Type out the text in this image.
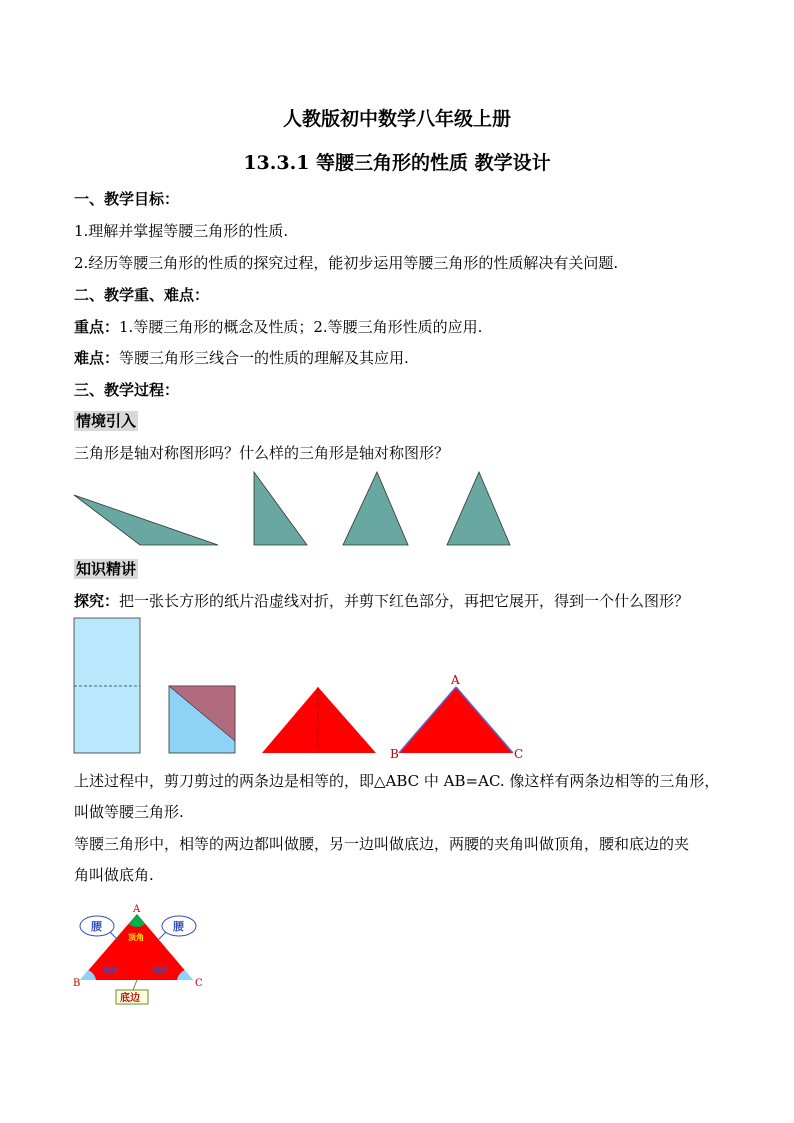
人教版初中数学八年级上册
13.3.1 等腰三角形的性质 教学设计
一、教学目标：
1.理解并掌握等腰三角形的性质.
2.经历等腰三角形的性质的探究过程，能初步运用等腰三角形的性质解决有关问题.
二、教学重、难点：
重点：1.等腰三角形的概念及性质；2.等腰三角形性质的应用.
难点：等腰三角形三线合一的性质的理解及其应用.
三、教学过程：
情境引入
三角形是轴对称图形吗？什么样的三角形是轴对称图形？
知识精讲
探究：把一张长方形的纸片沿虚线对折，并剪下红色部分，再把它展开，得到一个什么图形？
A
B	C
上述过程中，剪刀剪过的两条边是相等的，即△ABC 中 AB=AC. 像这样有两条边相等的三角形，
叫做等腰三角形.
等腰三角形中，相等的两边都叫做腰，另一边叫做底边，两腰的夹角叫做顶角，腰和底边的夹
角叫做底角.
腰	腰
A
B	C
顶角
底角	底角
底边
